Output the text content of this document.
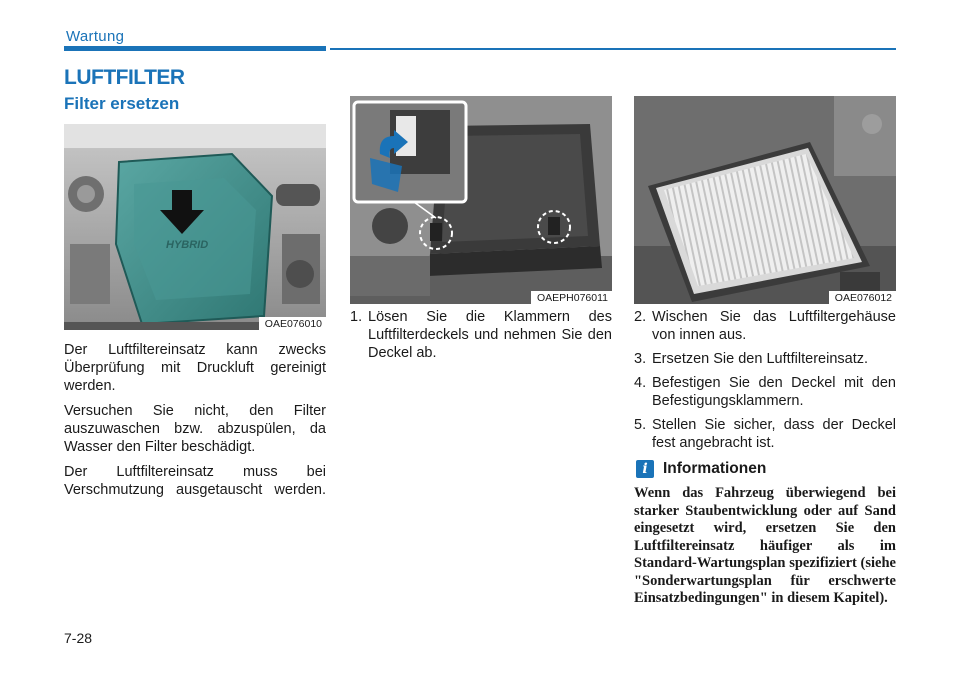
Wartung
LUFTFILTER
Filter ersetzen
HYBRID
OAE076010
OAEPH076011	OAE076012

Der Luftfiltereinsatz kann zwecks Überprüfung mit Druckluft gereinigt werden.

Versuchen Sie nicht, den Filter auszuwaschen bzw. abzuspülen, da Wasser den Filter beschädigt.

Der Luftfiltereinsatz muss bei Verschmutzung ausgetauscht werden.

1. Lösen Sie die Klammern des Luftfilterdeckels und nehmen Sie den Deckel ab.
2. Wischen Sie das Luftfiltergehäuse von innen aus.
3. Ersetzen Sie den Luftfiltereinsatz.
4. Befestigen Sie den Deckel mit den Befestigungsklammern.
5. Stellen Sie sicher, dass der Deckel fest angebracht ist.
i Informationen
Wenn das Fahrzeug überwiegend bei starker Staubentwicklung oder auf Sand eingesetzt wird, ersetzen Sie den Luftfiltereinsatz häufiger als im Standard-Wartungsplan spezifiziert (siehe "Sonderwartungsplan für erschwerte Einsatzbedingungen" in diesem Kapitel).
7-28
